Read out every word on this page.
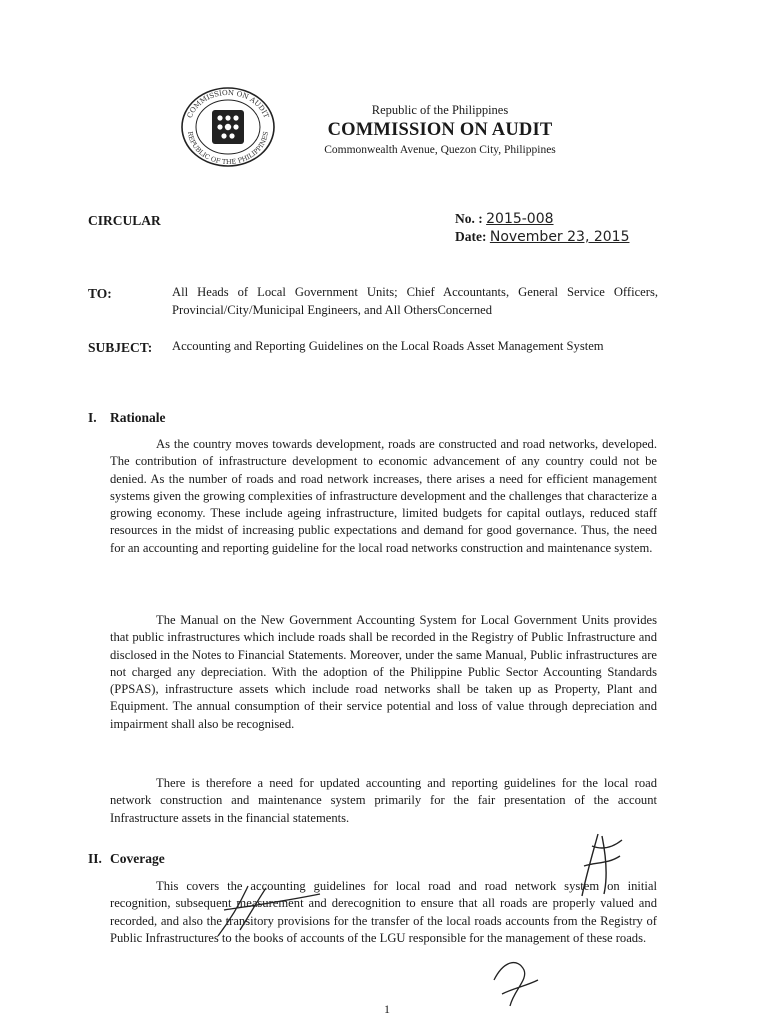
COMMISSION ON AUDIT
REPUBLIC OF THE PHILIPPINES
Republic of the Philippines
COMMISSION ON AUDIT
Commonwealth Avenue, Quezon City, Philippines
CIRCULAR	No. : 2015-008
Date: November 23, 2015
TO:	All Heads of Local Government Units; Chief Accountants, General Service Officers, Provincial/City/Municipal Engineers, and All OthersConcerned
SUBJECT: Accounting and Reporting Guidelines on the Local Roads Asset Management System
I. Rationale
As the country moves towards development, roads are constructed and road networks, developed. The contribution of infrastructure development to economic advancement of any country could not be denied. As the number of roads and road network increases, there arises a need for efficient management systems given the growing complexities of infrastructure development and the challenges that characterize a growing economy. These include ageing infrastructure, limited budgets for capital outlays, reduced staff resources in the midst of increasing public expectations and demand for good governance. Thus, the need for an accounting and reporting guideline for the local road networks construction and maintenance system.
The Manual on the New Government Accounting System for Local Government Units provides that public infrastructures which include roads shall be recorded in the Registry of Public Infrastructure and disclosed in the Notes to Financial Statements. Moreover, under the same Manual, Public infrastructures are not charged any depreciation. With the adoption of the Philippine Public Sector Accounting Standards (PPSAS), infrastructure assets which include road networks shall be taken up as Property, Plant and Equipment. The annual consumption of their service potential and loss of value through depreciation and impairment shall also be recognised.
There is therefore a need for updated accounting and reporting guidelines for the local road network construction and maintenance system primarily for the fair presentation of the account Infrastructure assets in the financial statements.
II. Coverage
This covers the accounting guidelines for local road and road network system on initial recognition, subsequent measurement and derecognition to ensure that all roads are properly valued and recorded, and also the transitory provisions for the transfer of the local roads accounts from the Registry of Public Infrastructures to the books of accounts of the LGU responsible for the management of these roads.
1
